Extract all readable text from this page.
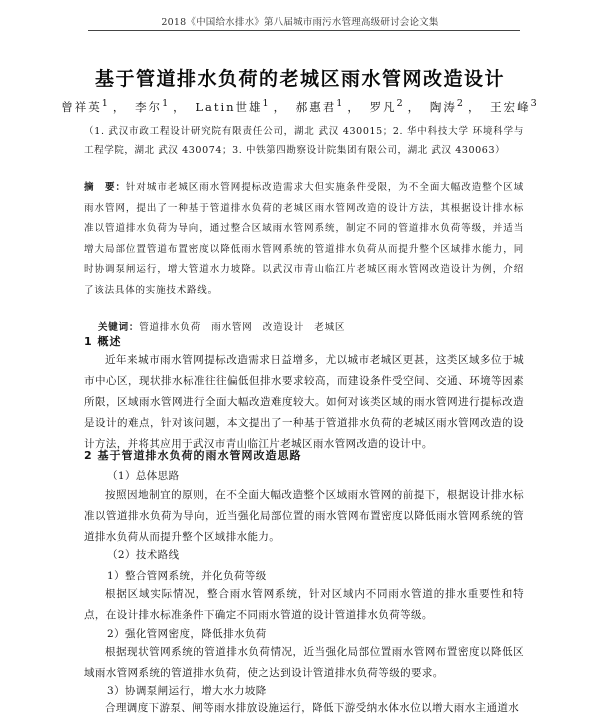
2018《中国给水排水》第八届城市雨污水管理高级研讨会论文集
基于管道排水负荷的老城区雨水管网改造设计
曾祥英$^1$ ， 李尔$^1$ ， Latin世雄$^1$ ， 郝惠君$^1$ ， 罗凡$^2$ ， 陶涛$^2$ ， 王宏峰$^3$
（1. 武汉市政工程设计研究院有限责任公司，湖北 武汉 430015；2. 华中科技大学 环境科学与工程学院，湖北 武汉 430074；3. 中铁第四勘察设计院集团有限公司，湖北 武汉 430063）
摘　要：针对城市老城区雨水管网提标改造需求大但实施条件受限，为不全面大幅改造整个区域雨水管网，提出了一种基于管道排水负荷的老城区雨水管网改造的设计方法，其根据设计排水标准以管道排水负荷为导向，通过整合区域雨水管网系统，制定不同的管道排水负荷等级，并适当增大局部位置管道布置密度以降低雨水管网系统的管道排水负荷从而提升整个区域排水能力，同时协调泵闸运行，增大管道水力坡降。以武汉市青山临江片老城区雨水管网改造设计为例，介绍了该法具体的实施技术路线。
关键词：管道排水负荷　雨水管网　改造设计　老城区
1 概述
近年来城市雨水管网提标改造需求日益增多，尤以城市老城区更甚，这类区域多位于城市中心区，现状排水标准往往偏低但排水要求较高，而建设条件受空间、交通、环境等因素所限，区域雨水管网进行全面大幅改造难度较大。如何对该类区域的雨水管网进行提标改造是设计的难点，针对该问题，本文提出了一种基于管道排水负荷的老城区雨水管网改造的设计方法，并将其应用于武汉市青山临江片老城区雨水管网改造的设计中。
2 基于管道排水负荷的雨水管网改造思路
（1）总体思路
按照因地制宜的原则，在不全面大幅改造整个区域雨水管网的前提下，根据设计排水标准以管道排水负荷为导向，近当强化局部位置的雨水管网布置密度以降低雨水管网系统的管道排水负荷从而提升整个区域排水能力。
（2）技术路线
1）整合管网系统，并化负荷等级
根据区域实际情况，整合雨水管网系统，针对区域内不同雨水管道的排水重要性和特点，在设计排水标准条件下确定不同雨水管道的设计管道排水负荷等级。
2）强化管网密度，降低排水负荷
根据现状管网系统的管道排水负荷情况，近当强化局部位置雨水管网布置密度以降低区域雨水管网系统的管道排水负荷，使之达到设计管道排水负荷等级的要求。
3）协调泵闸运行，增大水力坡降
合理调度下游泵、闸等雨水排放设施运行，降低下游受纳水体水位以增大雨水主通道水
